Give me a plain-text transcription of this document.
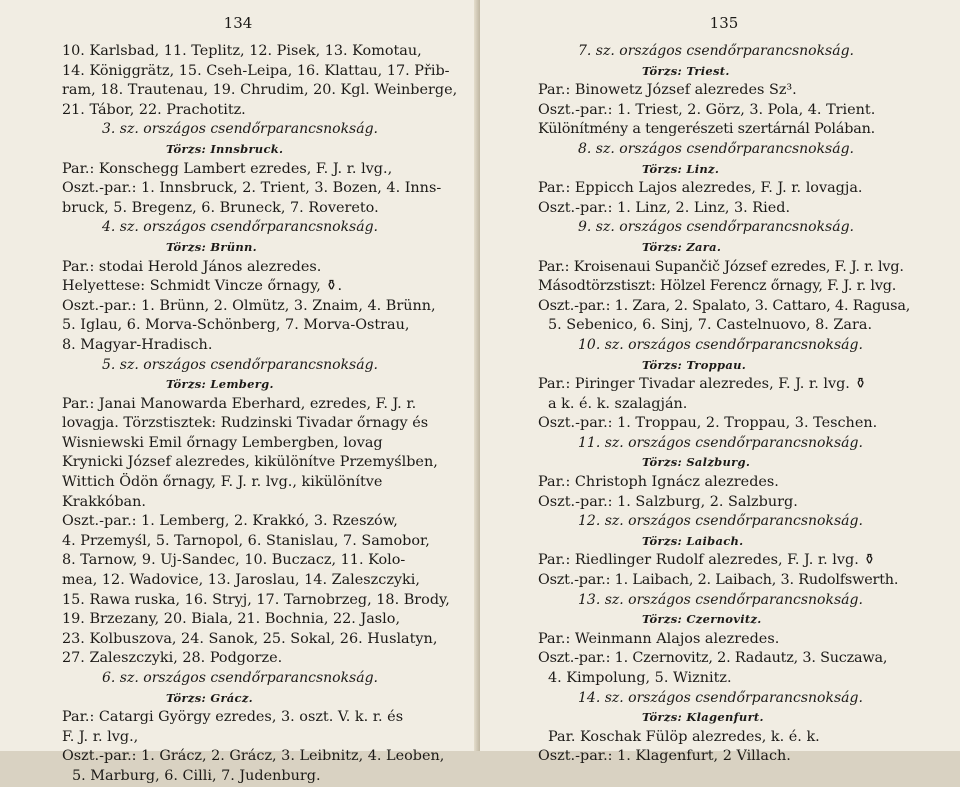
134
10. Karlsbad, 11. Teplitz, 12. Pisek, 13. Komotau,
14. Königgrätz, 15. Cseh-Leipa, 16. Klattau, 17. Přib-
ram, 18. Trautenau, 19. Chrudim, 20. Kgl. Weinberge,
21. Tábor, 22. Prachotitz.
3. sz. országos csendőrparancsnokság.
Törzs: Innsbruck.
Par.: Konschegg Lambert ezredes, F. J. r. lvg.,
Oszt.-par.: 1. Innsbruck, 2. Trient, 3. Bozen, 4. Inns-
bruck, 5. Bregenz, 6. Bruneck, 7. Rovereto.
4. sz. országos csendőrparancsnokság.
Törzs: Brünn.
Par.: stodai Herold János alezredes.
Helyettese: Schmidt Vincze őrnagy, ⚱.
Oszt.-par.: 1. Brünn, 2. Olmütz, 3. Znaim, 4. Brünn,
5. Iglau, 6. Morva-Schönberg, 7. Morva-Ostrau,
8. Magyar-Hradisch.
5. sz. országos csendőrparancsnokság.
Törzs: Lemberg.
Par.: Janai Manowarda Eberhard, ezredes, F. J. r.
lovagja. Törzstisztek: Rudzinski Tivadar őrnagy és
Wisniewski Emil őrnagy Lembergben, lovag
Krynicki József alezredes, kikülönítve Przemyślben,
Wittich Ödön őrnagy, F. J. r. lvg., kikülönítve
Krakkóban.
Oszt.-par.: 1. Lemberg, 2. Krakkó, 3. Rzeszów,
4. Przemyśl, 5. Tarnopol, 6. Stanislau, 7. Samobor,
8. Tarnow, 9. Uj-Sandec, 10. Buczacz, 11. Kolo-
mea, 12. Wadovice, 13. Jaroslau, 14. Zaleszczyki,
15. Rawa ruska, 16. Stryj, 17. Tarnobrzeg, 18. Brody,
19. Brzezany, 20. Biala, 21. Bochnia, 22. Jaslo,
23. Kolbuszova, 24. Sanok, 25. Sokal, 26. Huslatyn,
27. Zaleszczyki, 28. Podgorze.
6. sz. országos csendőrparancsnokság.
Törzs: Grácz.
Par.: Catargi György ezredes, 3. oszt. V. k. r. és
F. J. r. lvg.,
Oszt.-par.: 1. Grácz, 2. Grácz, 3. Leibnitz, 4. Leoben,
5. Marburg, 6. Cilli, 7. Judenburg.
135
7. sz. országos csendőrparancsnokság.
Törzs: Triest.
Par.: Binowetz József alezredes Sz³.
Oszt.-par.: 1. Triest, 2. Görz, 3. Pola, 4. Trient.
Különítmény a tengerészeti szertárnál Polában.
8. sz. országos csendőrparancsnokság.
Törzs: Linz.
Par.: Eppicch Lajos alezredes, F. J. r. lovagja.
Oszt.-par.: 1. Linz, 2. Linz, 3. Ried.
9. sz. országos csendőrparancsnokság.
Törzs: Zara.
Par.: Kroisenaui Supančič József ezredes, F. J. r. lvg.
Másodtörzstiszt: Hölzel Ferencz őrnagy, F. J. r. lvg.
Oszt.-par.: 1. Zara, 2. Spalato, 3. Cattaro, 4. Ragusa,
5. Sebenico, 6. Sinj, 7. Castelnuovo, 8. Zara.
10. sz. országos csendőrparancsnokság.
Törzs: Troppau.
Par.: Piringer Tivadar alezredes, F. J. r. lvg. ⚱
a k. é. k. szalagján.
Oszt.-par.: 1. Troppau, 2. Troppau, 3. Teschen.
11. sz. országos csendőrparancsnokság.
Törzs: Salzburg.
Par.: Christoph Ignácz alezredes.
Oszt.-par.: 1. Salzburg, 2. Salzburg.
12. sz. országos csendőrparancsnokság.
Törzs: Laibach.
Par.: Riedlinger Rudolf alezredes, F. J. r. lvg. ⚱
Oszt.-par.: 1. Laibach, 2. Laibach, 3. Rudolfswerth.
13. sz. országos csendőrparancsnokság.
Törzs: Czernovitz.
Par.: Weinmann Alajos alezredes.
Oszt.-par.: 1. Czernovitz, 2. Radautz, 3. Suczawa,
4. Kimpolung, 5. Wiznitz.
14. sz. országos csendőrparancsnokság.
Törzs: Klagenfurt.
Par. Koschak Fülöp alezredes, k. é. k.
Oszt.-par.: 1. Klagenfurt, 2 Villach.
